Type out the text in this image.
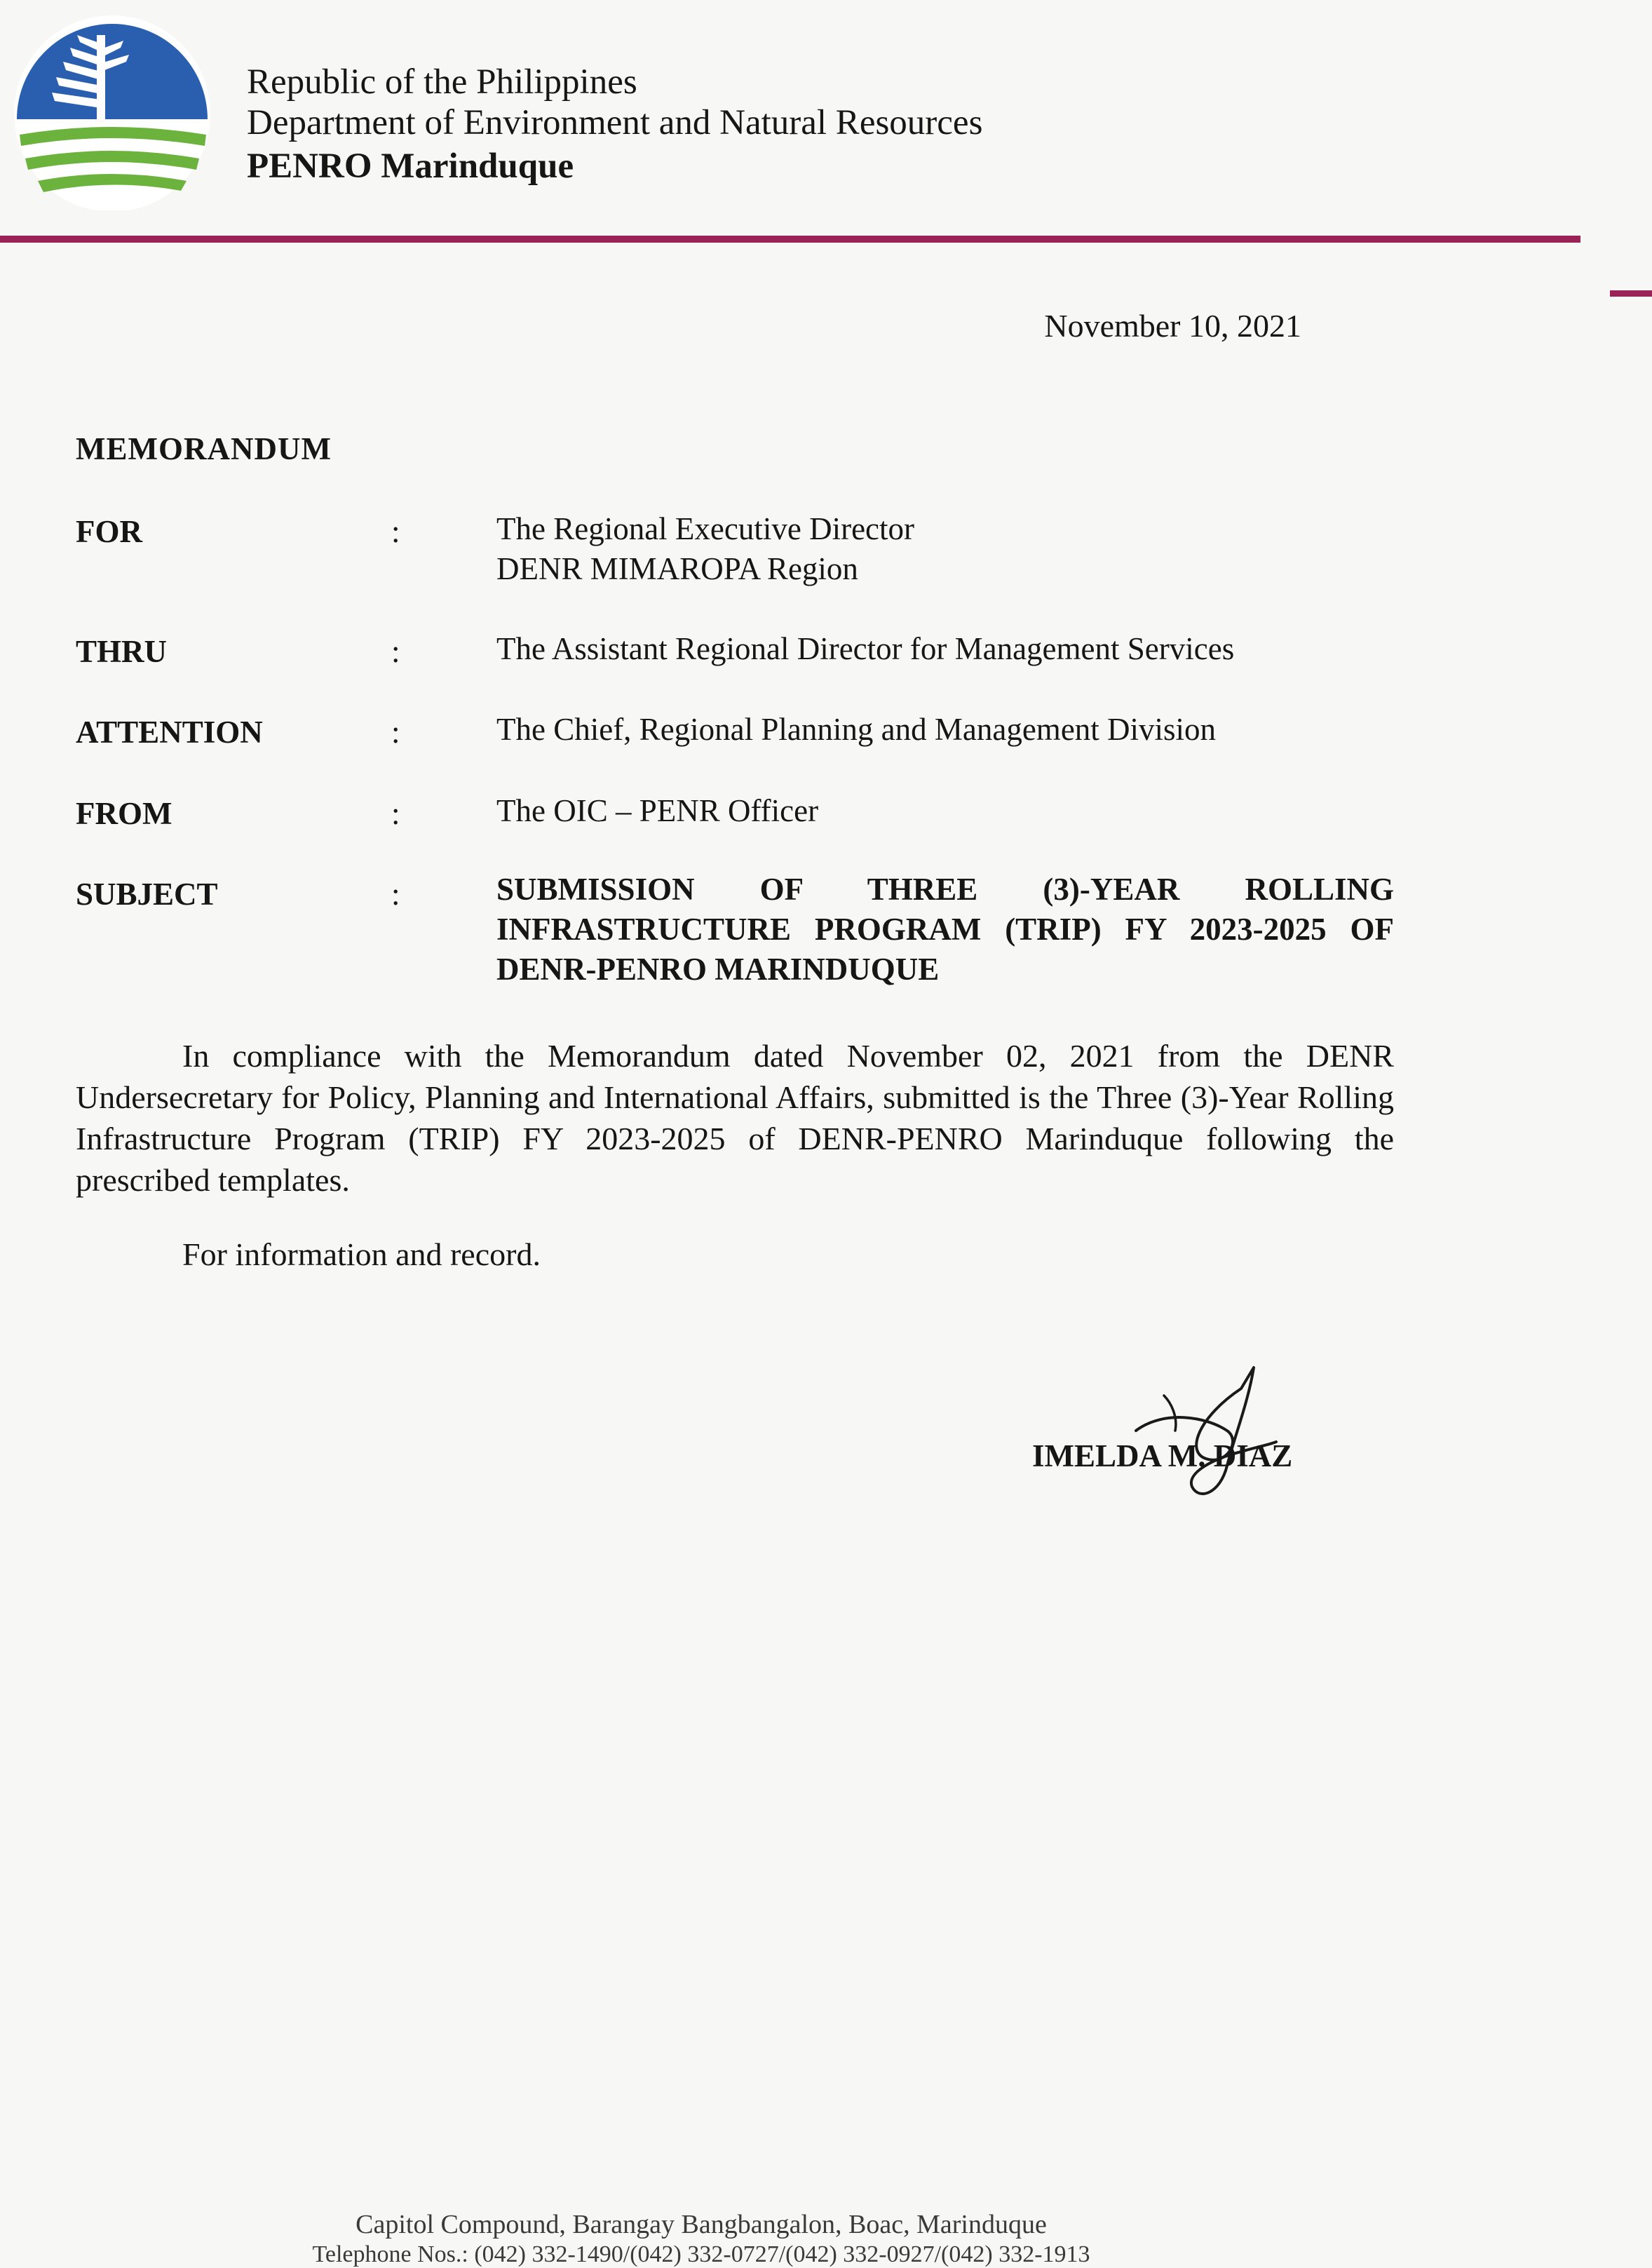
Republic of the Philippines
Department of Environment and Natural Resources
PENRO Marinduque
November 10, 2021
MEMORANDUM
FOR	:	The Regional Executive Director
DENR MIMAROPA Region
THRU	:	The Assistant Regional Director for Management Services
ATTENTION	:	The Chief, Regional Planning and Management Division
FROM	:	The OIC – PENR Officer
SUBJECT	:	SUBMISSION OF THREE (3)-YEAR ROLLING INFRASTRUCTURE PROGRAM (TRIP) FY 2023-2025 OF DENR-PENRO MARINDUQUE
In compliance with the Memorandum dated November 02, 2021 from the DENR Undersecretary for Policy, Planning and International Affairs, submitted is the Three (3)-Year Rolling Infrastructure Program (TRIP) FY 2023-2025 of DENR-PENRO Marinduque following the prescribed templates.
For information and record.
IMELDA M. DIAZ
Capitol Compound, Barangay Bangbangalon, Boac, Marinduque
Telephone Nos.: (042) 332-1490/(042) 332-0727/(042) 332-0927/(042) 332-1913
